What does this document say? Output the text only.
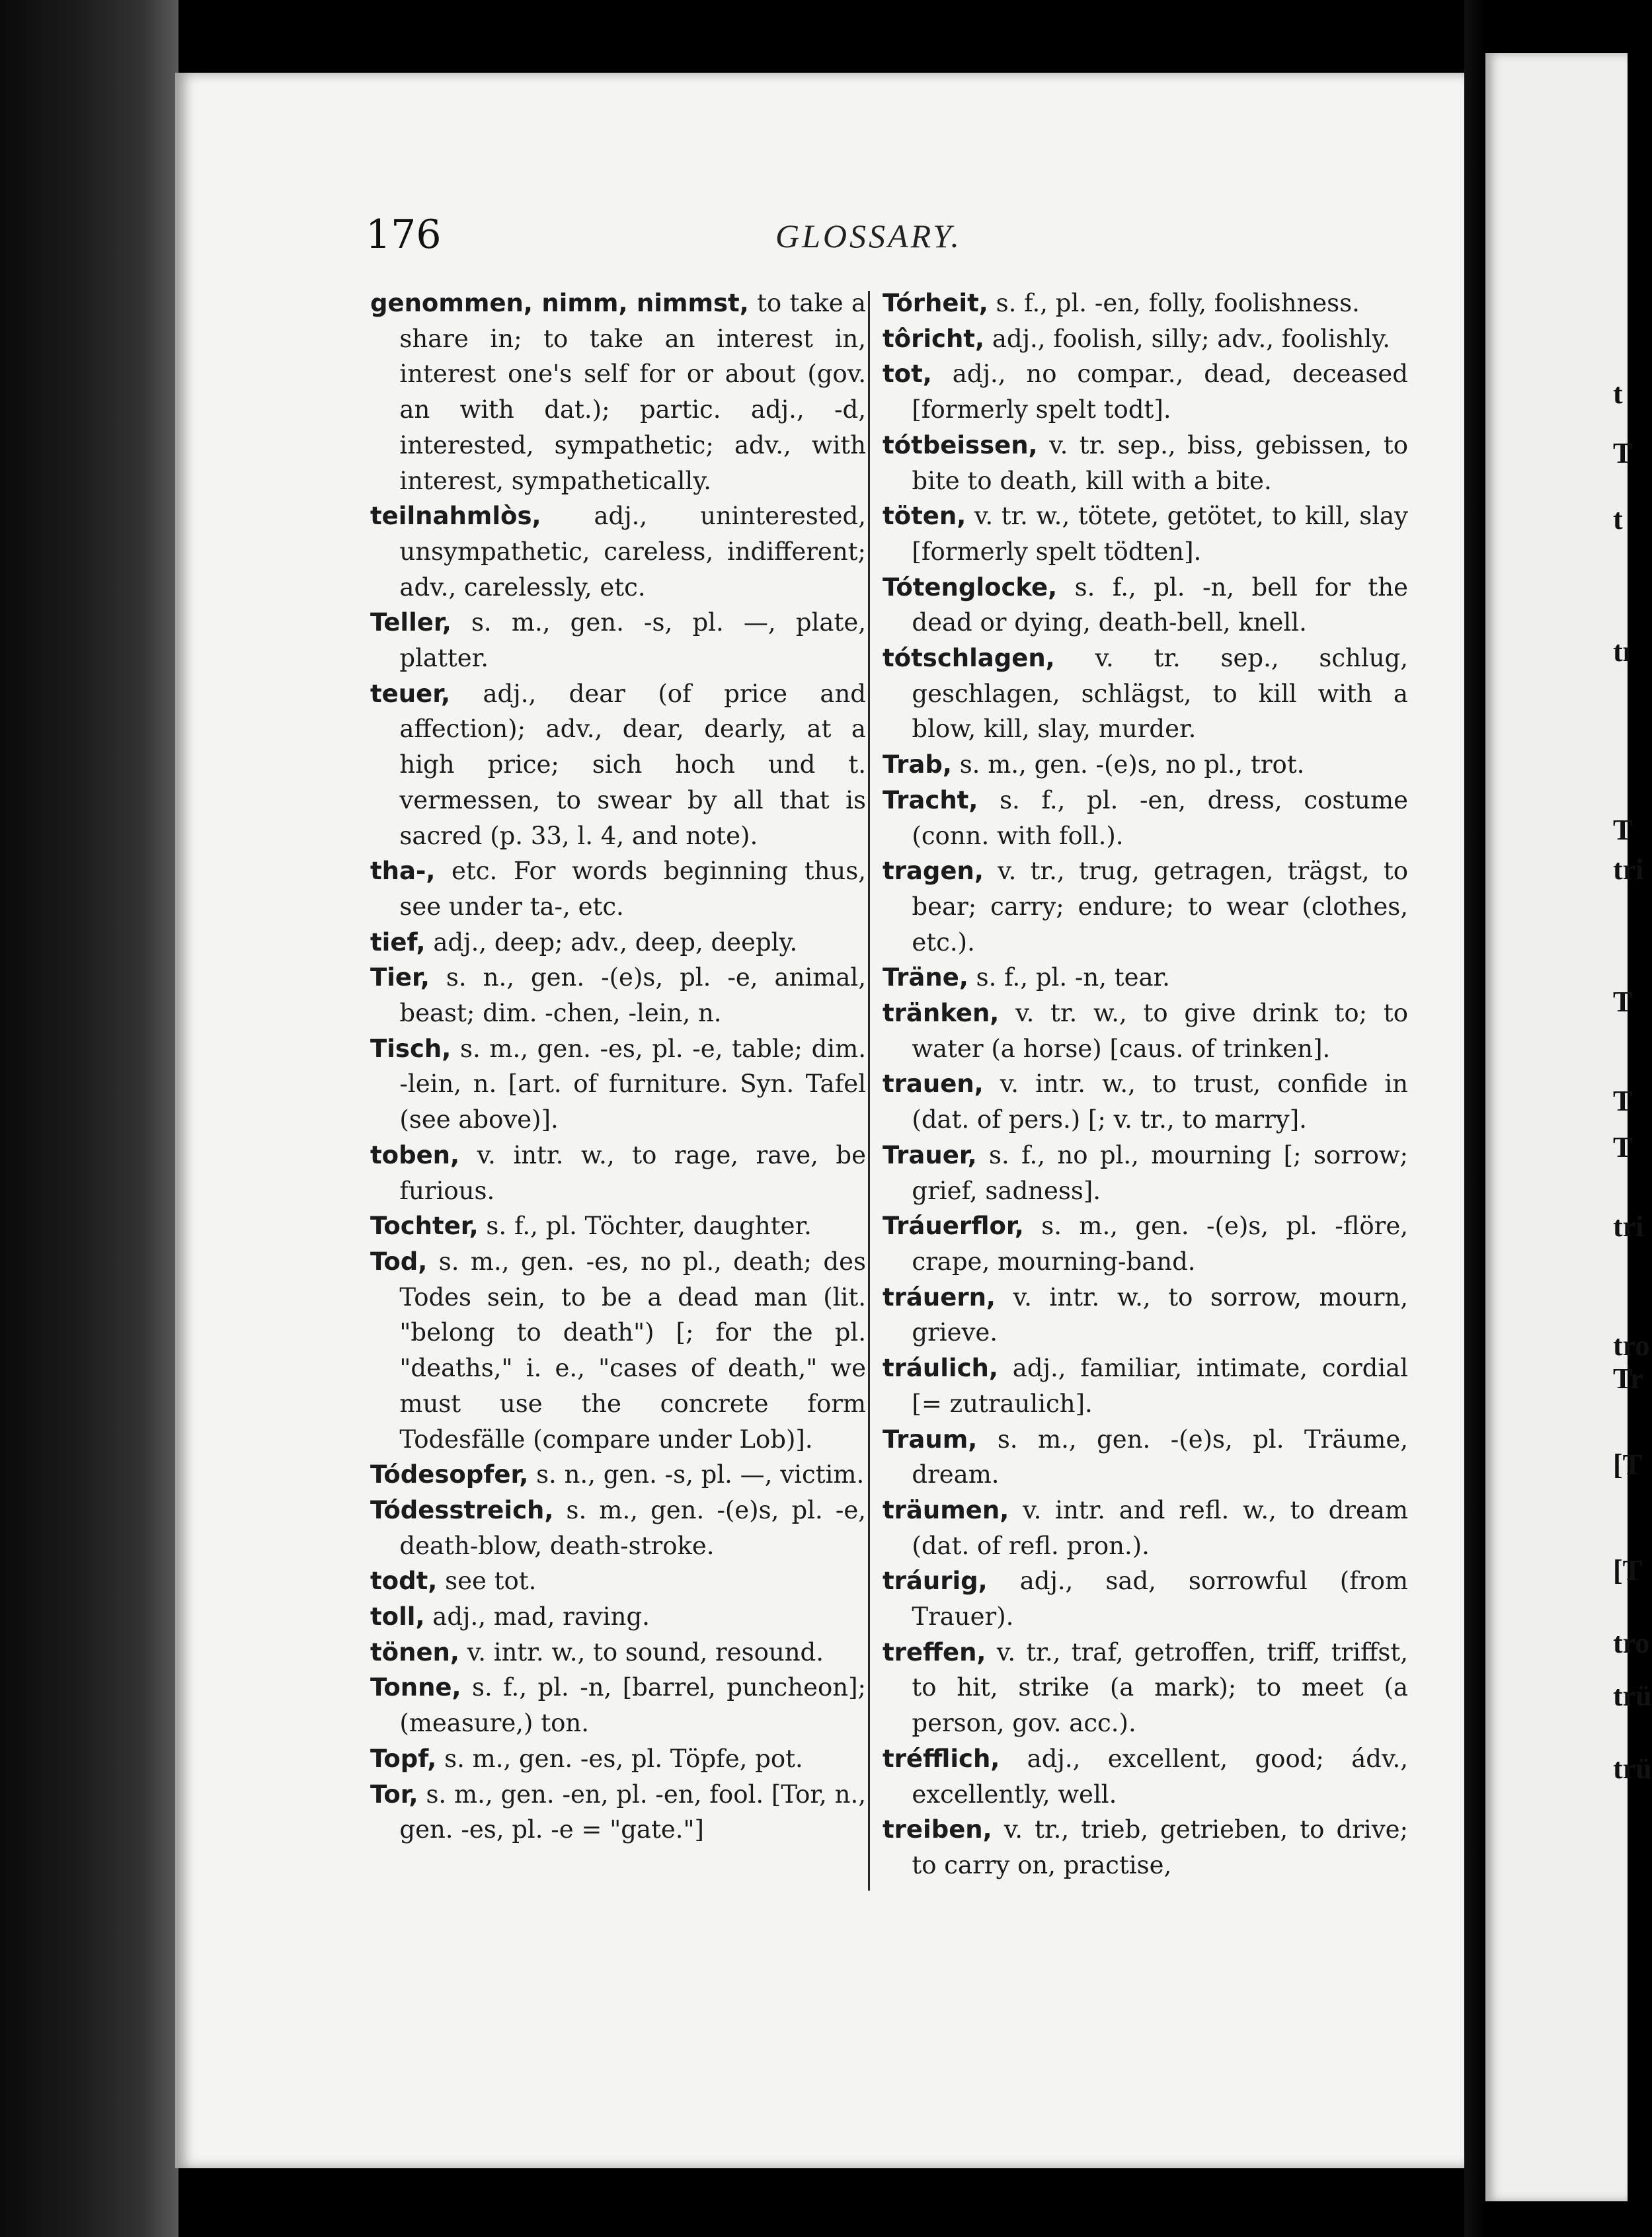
176	GLOSSARY.

genommen, nimm, nimmst, to take a share in; to take an interest in, interest one's self for or about (gov. an with dat.); partic. adj., -d, interested, sympathetic; adv., with interest, sympathetically.

teilnahmlòs, adj., uninterested, unsympathetic, careless, indifferent; adv., carelessly, etc.

Teller, s. m., gen. -s, pl. —, plate, platter.

teuer, adj., dear (of price and affection); adv., dear, dearly, at a high price; sich hoch und t. vermessen, to swear by all that is sacred (p. 33, l. 4, and note).

tha-, etc. For words beginning thus, see under ta-, etc.

tief, adj., deep; adv., deep, deeply.

Tier, s. n., gen. -(e)s, pl. -e, animal, beast; dim. -chen, -lein, n.

Tisch, s. m., gen. -es, pl. -e, table; dim. -lein, n. [art. of furniture. Syn. Tafel (see above)].

toben, v. intr. w., to rage, rave, be furious.

Tochter, s. f., pl. Töchter, daughter.

Tod, s. m., gen. -es, no pl., death; des Todes sein, to be a dead man (lit. "belong to death") [; for the pl. "deaths," i. e., "cases of death," we must use the concrete form Todesfälle (compare under Lob)].

Tódesopfer, s. n., gen. -s, pl. —, victim.

Tódesstreich, s. m., gen. -(e)s, pl. -e, death-blow, death-stroke.

todt, see tot.

toll, adj., mad, raving.

tönen, v. intr. w., to sound, resound.

Tonne, s. f., pl. -n, [barrel, puncheon]; (measure,) ton.

Topf, s. m., gen. -es, pl. Töpfe, pot.

Tor, s. m., gen. -en, pl. -en, fool. [Tor, n., gen. -es, pl. -e = "gate."]

Tórheit, s. f., pl. -en, folly, foolishness.

tôricht, adj., foolish, silly; adv., foolishly.

tot, adj., no compar., dead, deceased [formerly spelt todt].

tótbeissen, v. tr. sep., biss, gebissen, to bite to death, kill with a bite.

töten, v. tr. w., tötete, getötet, to kill, slay [formerly spelt tödten].

Tótenglocke, s. f., pl. -n, bell for the dead or dying, death-bell, knell.

tótschlagen, v. tr. sep., schlug, geschlagen, schlägst, to kill with a blow, kill, slay, murder.

Trab, s. m., gen. -(e)s, no pl., trot.

Tracht, s. f., pl. -en, dress, costume (conn. with foll.).

tragen, v. tr., trug, getragen, trägst, to bear; carry; endure; to wear (clothes, etc.).

Träne, s. f., pl. -n, tear.

tränken, v. tr. w., to give drink to; to water (a horse) [caus. of trinken].

trauen, v. intr. w., to trust, confide in (dat. of pers.) [; v. tr., to marry].

Trauer, s. f., no pl., mourning [; sorrow; grief, sadness].

Tráuerflor, s. m., gen. -(e)s, pl. -flöre, crape, mourning-band.

tráuern, v. intr. w., to sorrow, mourn, grieve.

tráulich, adj., familiar, intimate, cordial [= zutraulich].

Traum, s. m., gen. -(e)s, pl. Träume, dream.

träumen, v. intr. and refl. w., to dream (dat. of refl. pron.).

tráurig, adj., sad, sorrowful (from Trauer).

treffen, v. tr., traf, getroffen, triff, triffst, to hit, strike (a mark); to meet (a person, gov. acc.).

tréfflich, adj., excellent, good; ádv., excellently, well.

treiben, v. tr., trieb, getrieben, to drive; to carry on, practise,

t
T
t
tı
T
tri
T
T
T
tri
tro
Tr
[T
[T
tro
trü
trü
